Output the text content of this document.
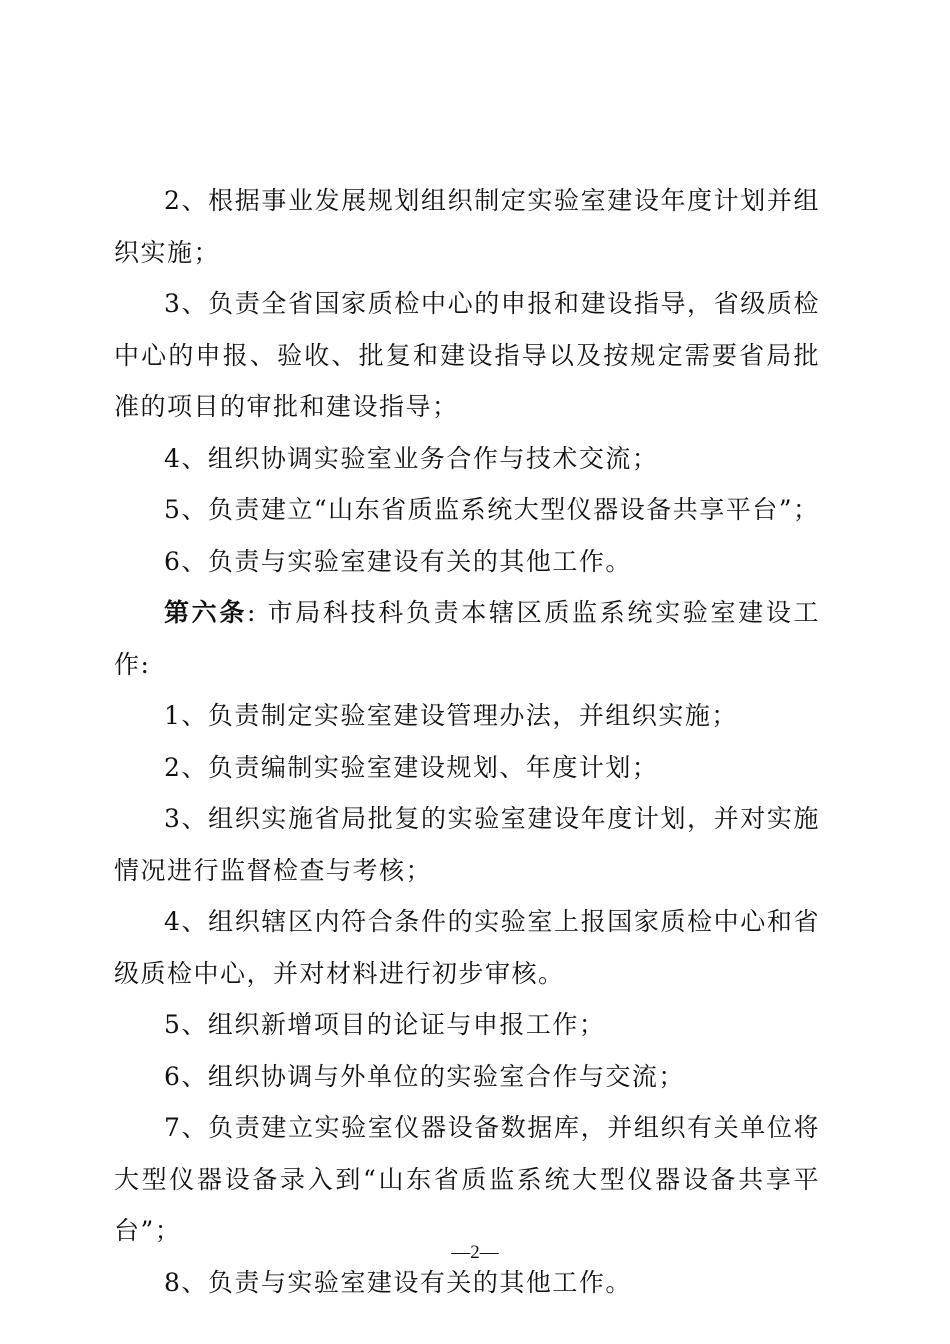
2、根据事业发展规划组织制定实验室建设年度计划并组织实施；

3、负责全省国家质检中心的申报和建设指导，省级质检中心的申报、验收、批复和建设指导以及按规定需要省局批准的项目的审批和建设指导；

4、组织协调实验室业务合作与技术交流；

5、负责建立“山东省质监系统大型仪器设备共享平台”；

6、负责与实验室建设有关的其他工作。

第六条: 市局科技科负责本辖区质监系统实验室建设工作:

1、负责制定实验室建设管理办法，并组织实施；

2、负责编制实验室建设规划、年度计划；

3、组织实施省局批复的实验室建设年度计划，并对实施情况进行监督检查与考核；

4、组织辖区内符合条件的实验室上报国家质检中心和省级质检中心，并对材料进行初步审核。

5、组织新增项目的论证与申报工作；

6、组织协调与外单位的实验室合作与交流；

7、负责建立实验室仪器设备数据库，并组织有关单位将大型仪器设备录入到“山东省质监系统大型仪器设备共享平台”；

8、负责与实验室建设有关的其他工作。

—2—
